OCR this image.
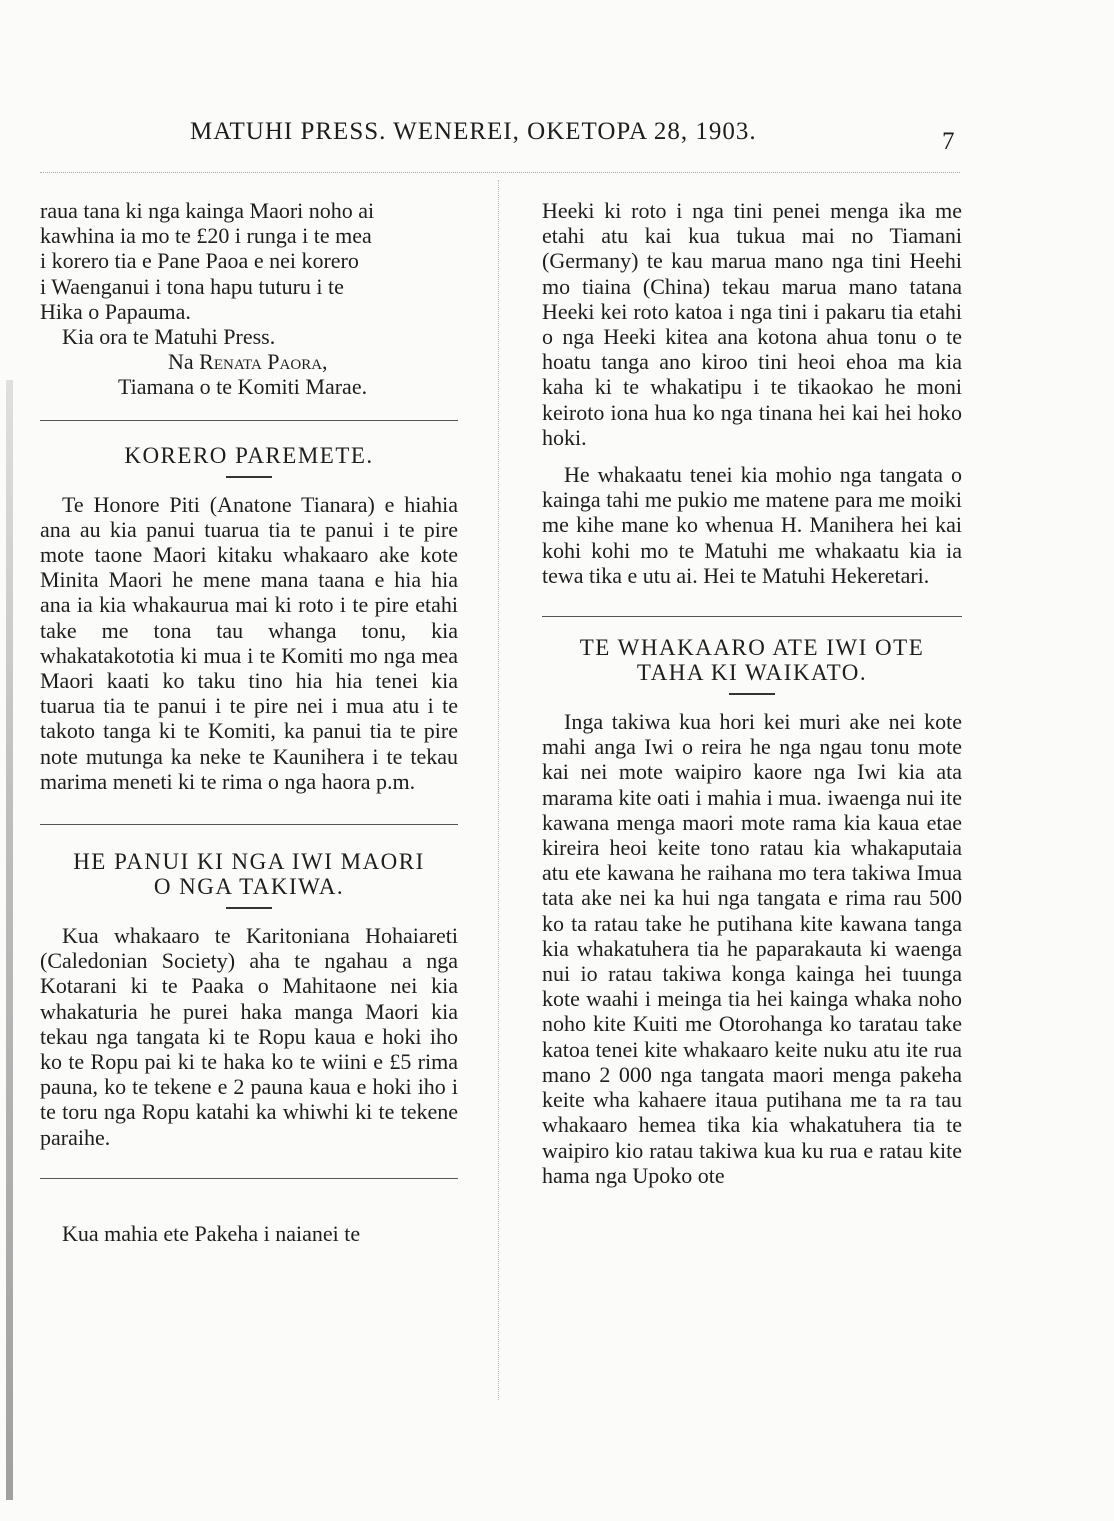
MATUHI PRESS. WENEREI, OKETOPA 28, 1903.	7
raua tana ki nga kainga Maori noho ai
kawhina ia mo te £20 i runga i te mea
i korero tia e Pane Paoa e nei korero
i Waenganui i tona hapu tuturu i te
Hika o Papauma.
Kia ora te Matuhi Press.
Na Renata Paora,
Tiamana o te Komiti Marae.
KORERO PAREMETE.

Te Honore Piti (Anatone Tianara) e hiahia ana au kia panui tuarua tia te panui i te pire mote taone Maori kitaku whakaaro ake kote Minita Maori he mene mana taana e hia hia ana ia kia whakaurua mai ki roto i te pire etahi take me tona tau whanga tonu, kia whakatakototia ki mua i te Komiti mo nga mea Maori kaati ko taku tino hia hia tenei kia tuarua tia te panui i te pire nei i mua atu i te takoto tanga ki te Komiti, ka panui tia te pire note mutunga ka neke te Kaunihera i te tekau marima meneti ki te rima o nga haora p.m.

HE PANUI KI NGA IWI MAORI
O NGA TAKIWA.

Kua whakaaro te Karitoniana Hohaiareti (Caledonian Society) aha te ngahau a nga Kotarani ki te Paaka o Mahitaone nei kia whakaturia he purei haka manga Maori kia tekau nga tangata ki te Ropu kaua e hoki iho ko te Ropu pai ki te haka ko te wiini e £5 rima pauna, ko te tekene e 2 pauna kaua e hoki iho i te toru nga Ropu katahi ka whiwhi ki te tekene paraihe.

Kua mahia ete Pakeha i naianei te

Heeki ki roto i nga tini penei menga ika me etahi atu kai kua tukua mai no Tiamani (Germany) te kau marua mano nga tini Heehi mo tiaina (China) tekau marua mano tatana Heeki kei roto katoa i nga tini i pakaru tia etahi o nga Heeki kitea ana kotona ahua tonu o te hoatu tanga ano kiroo tini heoi ehoa ma kia kaha ki te whakatipu i te tikaokao he moni keiroto iona hua ko nga tinana hei kai hei hoko hoki.

He whakaatu tenei kia mohio nga tangata o kainga tahi me pukio me matene para me moiki me kihe mane ko whenua H. Manihera hei kai kohi kohi mo te Matuhi me whakaatu kia ia tewa tika e utu ai. Hei te Matuhi Hekeretari.

TE WHAKAARO ATE IWI OTE
TAHA KI WAIKATO.

Inga takiwa kua hori kei muri ake nei kote mahi anga Iwi o reira he nga ngau tonu mote kai nei mote waipiro kaore nga Iwi kia ata marama kite oati i mahia i mua. iwaenga nui ite kawana menga maori mote rama kia kaua etae kireira heoi keite tono ratau kia whakaputaia atu ete kawana he raihana mo tera takiwa Imua tata ake nei ka hui nga tangata e rima rau 500 ko ta ratau take he putihana kite kawana tanga kia whakatuhera tia he paparakauta ki waenga nui io ratau takiwa konga kainga hei tuunga kote waahi i meinga tia hei kainga whaka noho noho kite Kuiti me Otorohanga ko taratau take katoa tenei kite whakaaro keite nuku atu ite rua mano 2 000 nga tangata maori menga pakeha keite wha kahaere itaua putihana me ta ra tau whakaaro hemea tika kia whakatuhera tia te waipiro kio ratau takiwa kua ku rua e ratau kite hama nga Upoko ote
